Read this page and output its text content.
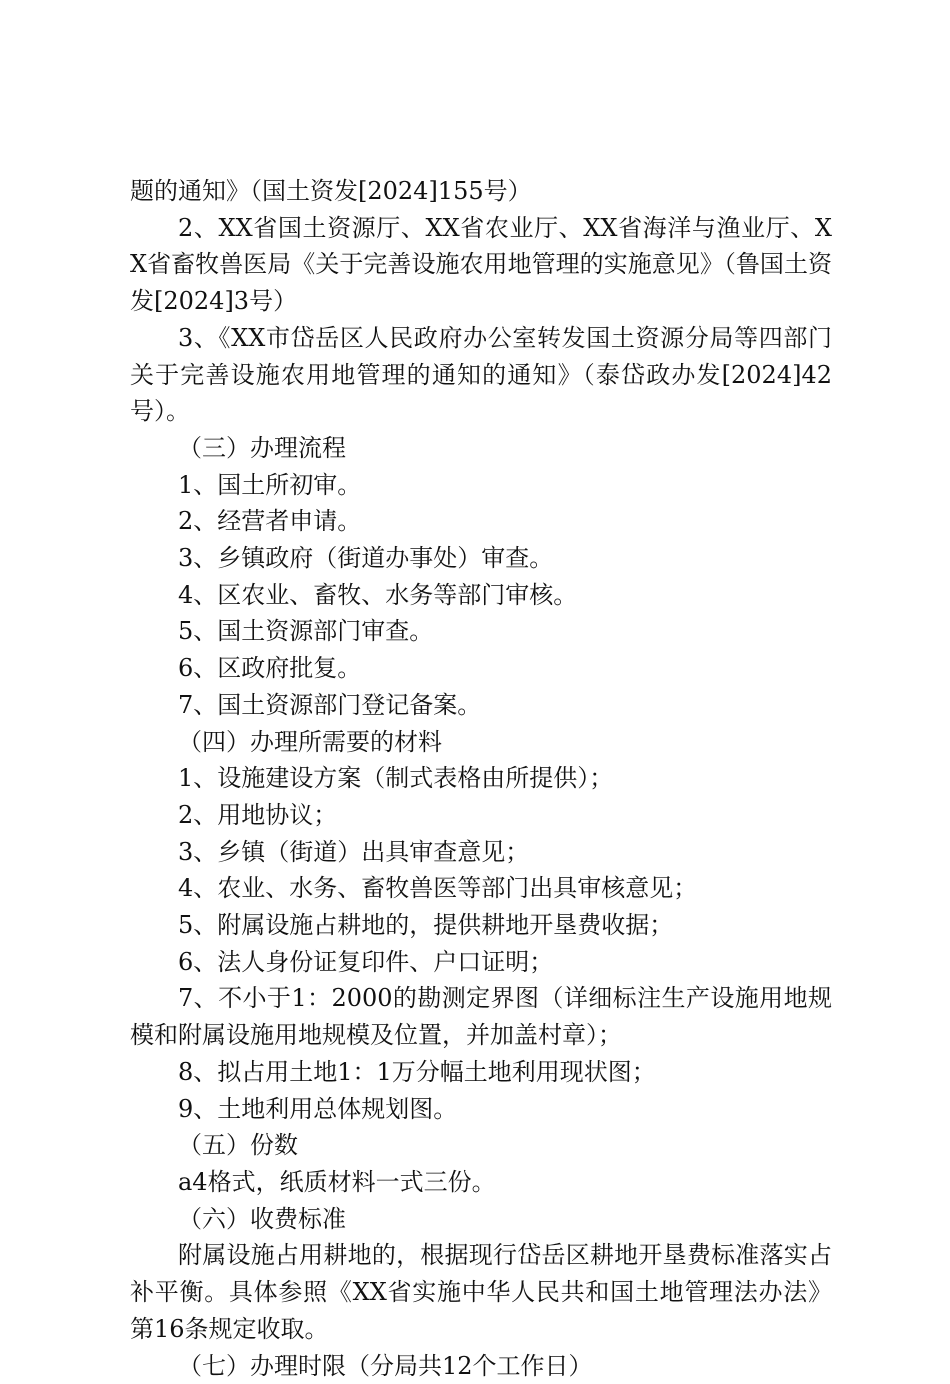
题的通知》（国土资发[2024]155号）

2、XX省国土资源厅、XX省农业厅、XX省海洋与渔业厅、XX省畜牧兽医局《关于完善设施农用地管理的实施意见》（鲁国土资发[2024]3号）

3、《XX市岱岳区人民政府办公室转发国土资源分局等四部门关于完善设施农用地管理的通知的通知》（泰岱政办发[2024]42号）。

（三）办理流程

1、国土所初审。

2、经营者申请。

3、乡镇政府（街道办事处）审查。

4、区农业、畜牧、水务等部门审核。

5、国土资源部门审查。

6、区政府批复。

7、国土资源部门登记备案。

（四）办理所需要的材料

1、设施建设方案（制式表格由所提供）；

2、用地协议；

3、乡镇（街道）出具审查意见；

4、农业、水务、畜牧兽医等部门出具审核意见；

5、附属设施占耕地的，提供耕地开垦费收据；

6、法人身份证复印件、户口证明；

7、不小于1：2000的勘测定界图（详细标注生产设施用地规模和附属设施用地规模及位置，并加盖村章）；

8、拟占用土地1：1万分幅土地利用现状图；

9、土地利用总体规划图。

（五）份数

a4格式，纸质材料一式三份。

（六）收费标准

附属设施占用耕地的，根据现行岱岳区耕地开垦费标准落实占补平衡。具体参照《XX省实施中华人民共和国土地管理法办法》第16条规定收取。

（七）办理时限（分局共12个工作日）
